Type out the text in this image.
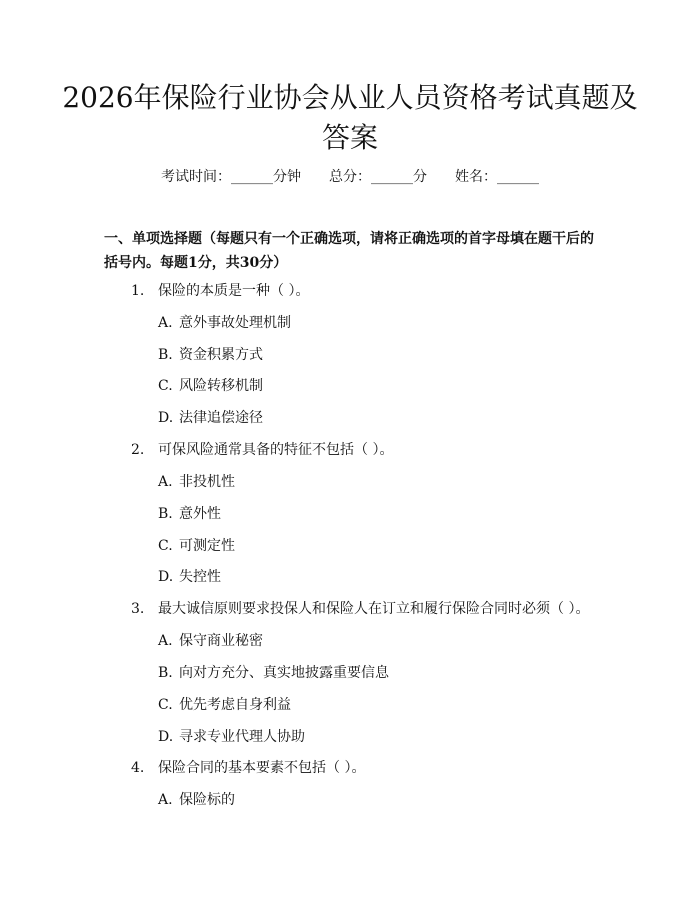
2026年保险行业协会从业人员资格考试真题及答案
考试时间：______分钟 总分：______分 姓名：______
一、单项选择题（每题只有一个正确选项，请将正确选项的首字母填在题干后的括号内。每题1分，共30分）
1. 保险的本质是一种（ ）。
A. 意外事故处理机制
B. 资金积累方式
C. 风险转移机制
D. 法律追偿途径
2. 可保风险通常具备的特征不包括（ ）。
A. 非投机性
B. 意外性
C. 可测定性
D. 失控性
3. 最大诚信原则要求投保人和保险人在订立和履行保险合同时必须（ ）。
A. 保守商业秘密
B. 向对方充分、真实地披露重要信息
C. 优先考虑自身利益
D. 寻求专业代理人协助
4. 保险合同的基本要素不包括（ ）。
A. 保险标的
